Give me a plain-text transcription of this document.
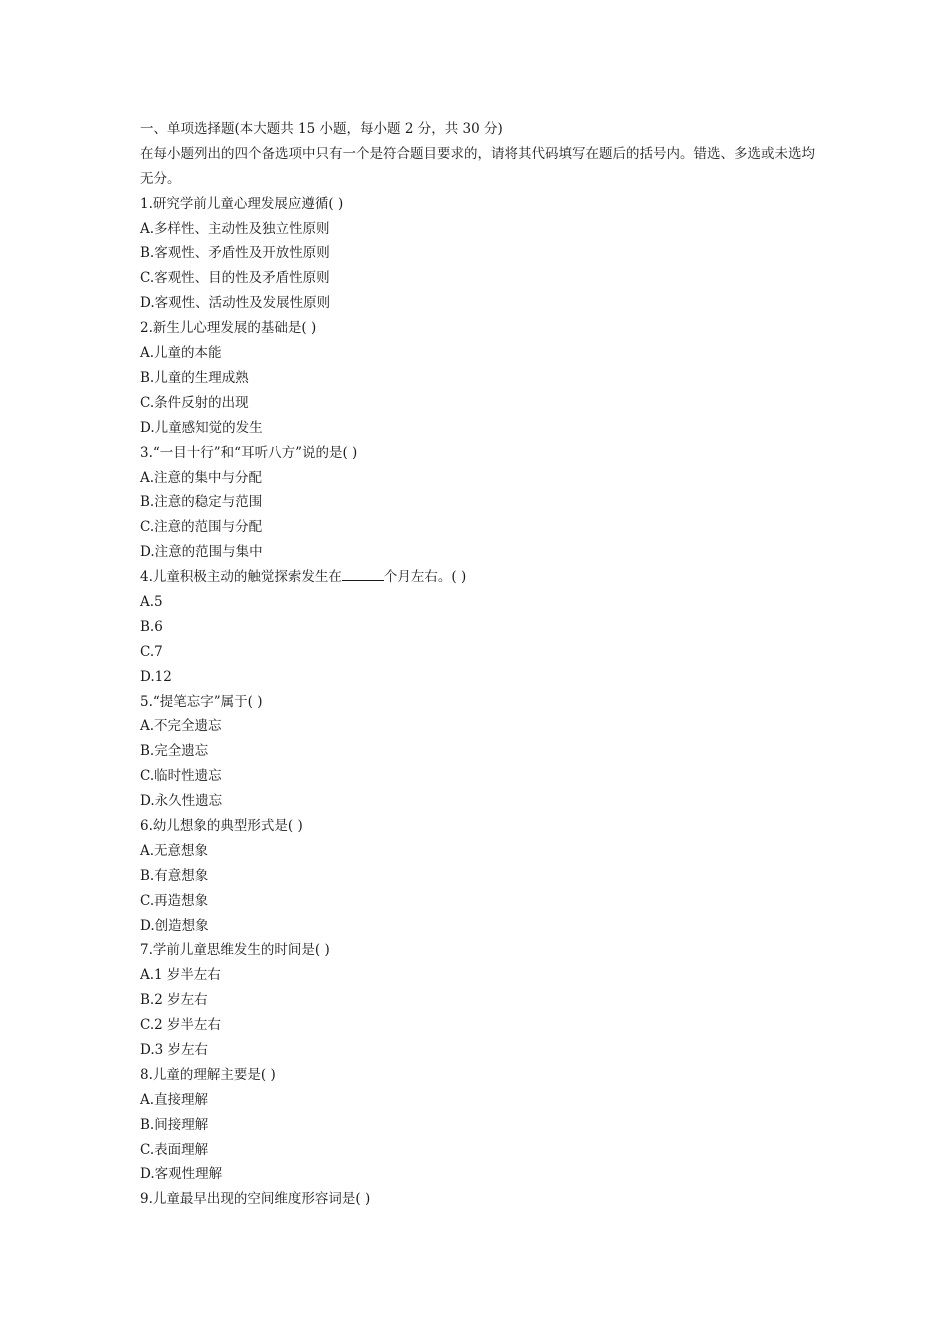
一、单项选择题(本大题共 15 小题，每小题 2 分，共 30 分)
在每小题列出的四个备选项中只有一个是符合题目要求的，请将其代码填写在题后的括号内。错选、多选或未选均无分。
1.研究学前儿童心理发展应遵循( )
A.多样性、主动性及独立性原则
B.客观性、矛盾性及开放性原则
C.客观性、目的性及矛盾性原则
D.客观性、活动性及发展性原则
2.新生儿心理发展的基础是( )
A.儿童的本能
B.儿童的生理成熟
C.条件反射的出现
D.儿童感知觉的发生
3.“一目十行”和“耳听八方”说的是( )
A.注意的集中与分配
B.注意的稳定与范围
C.注意的范围与分配
D.注意的范围与集中
4.儿童积极主动的触觉探索发生在	个月左右。( )
A.5
B.6
C.7
D.12
5.“提笔忘字”属于( )
A.不完全遗忘
B.完全遗忘
C.临时性遗忘
D.永久性遗忘
6.幼儿想象的典型形式是( )
A.无意想象
B.有意想象
C.再造想象
D.创造想象
7.学前儿童思维发生的时间是( )
A.1 岁半左右
B.2 岁左右
C.2 岁半左右
D.3 岁左右
8.儿童的理解主要是( )
A.直接理解
B.间接理解
C.表面理解
D.客观性理解
9.儿童最早出现的空间维度形容词是( )
